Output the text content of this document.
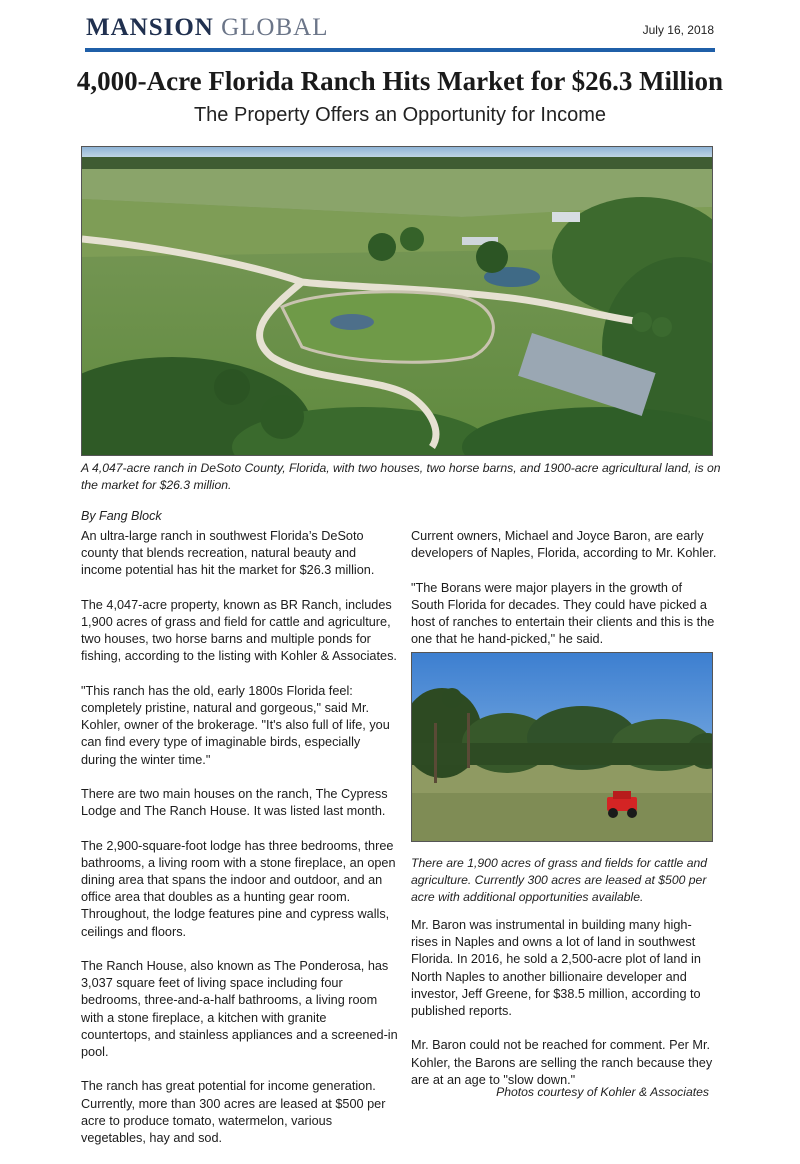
MANSION GLOBAL	July 16, 2018
4,000-Acre Florida Ranch Hits Market for $26.3 Million
The Property Offers an Opportunity for Income
A 4,047-acre ranch in DeSoto County, Florida, with two houses, two horse barns, and 1900-acre agricultural land, is on the market for $26.3 million.
By Fang Block

An ultra-large ranch in southwest Florida’s DeSoto county that blends recreation, natural beauty and income potential has hit the market for $26.3 million.

The 4,047-acre property, known as BR Ranch, includes 1,900 acres of grass and field for cattle and agriculture, two houses, two horse barns and multiple ponds for fishing, according to the listing with Kohler & Associates.

"This ranch has the old, early 1800s Florida feel: completely pristine, natural and gorgeous," said Mr. Kohler, owner of the brokerage. "It's also full of life, you can find every type of imaginable birds, especially during the winter time."

There are two main houses on the ranch, The Cypress Lodge and The Ranch House. It was listed last month.

The 2,900-square-foot lodge has three bedrooms, three bathrooms, a living room with a stone fireplace, an open dining area that spans the indoor and outdoor, and an office area that doubles as a hunting gear room. Throughout, the lodge features pine and cypress walls, ceilings and floors.

The Ranch House, also known as The Ponderosa, has 3,037 square feet of living space including four bedrooms, three-and-a-half bathrooms, a living room with a stone fireplace, a kitchen with granite countertops, and stainless appliances and a screened-in pool.

The ranch has great potential for income generation. Currently, more than 300 acres are leased at $500 per acre to produce tomato, watermelon, various vegetables, hay and sod.

Current owners, Michael and Joyce Baron, are early developers of Naples, Florida, according to Mr. Kohler.

"The Borans were major players in the growth of South Florida for decades. They could have picked a host of ranches to entertain their clients and this is the one that he hand-picked," he said.

There are 1,900 acres of grass and fields for cattle and agriculture. Currently 300 acres are leased at $500 per acre with additional opportunities available.

Mr. Baron was instrumental in building many high-rises in Naples and owns a lot of land in southwest Florida. In 2016, he sold a 2,500-acre plot of land in North Naples to another billionaire developer and investor, Jeff Greene, for $38.5 million, according to published reports.

Mr. Baron could not be reached for comment. Per Mr. Kohler, the Barons are selling the ranch because they are at an age to "slow down."

Photos courtesy of Kohler & Associates
